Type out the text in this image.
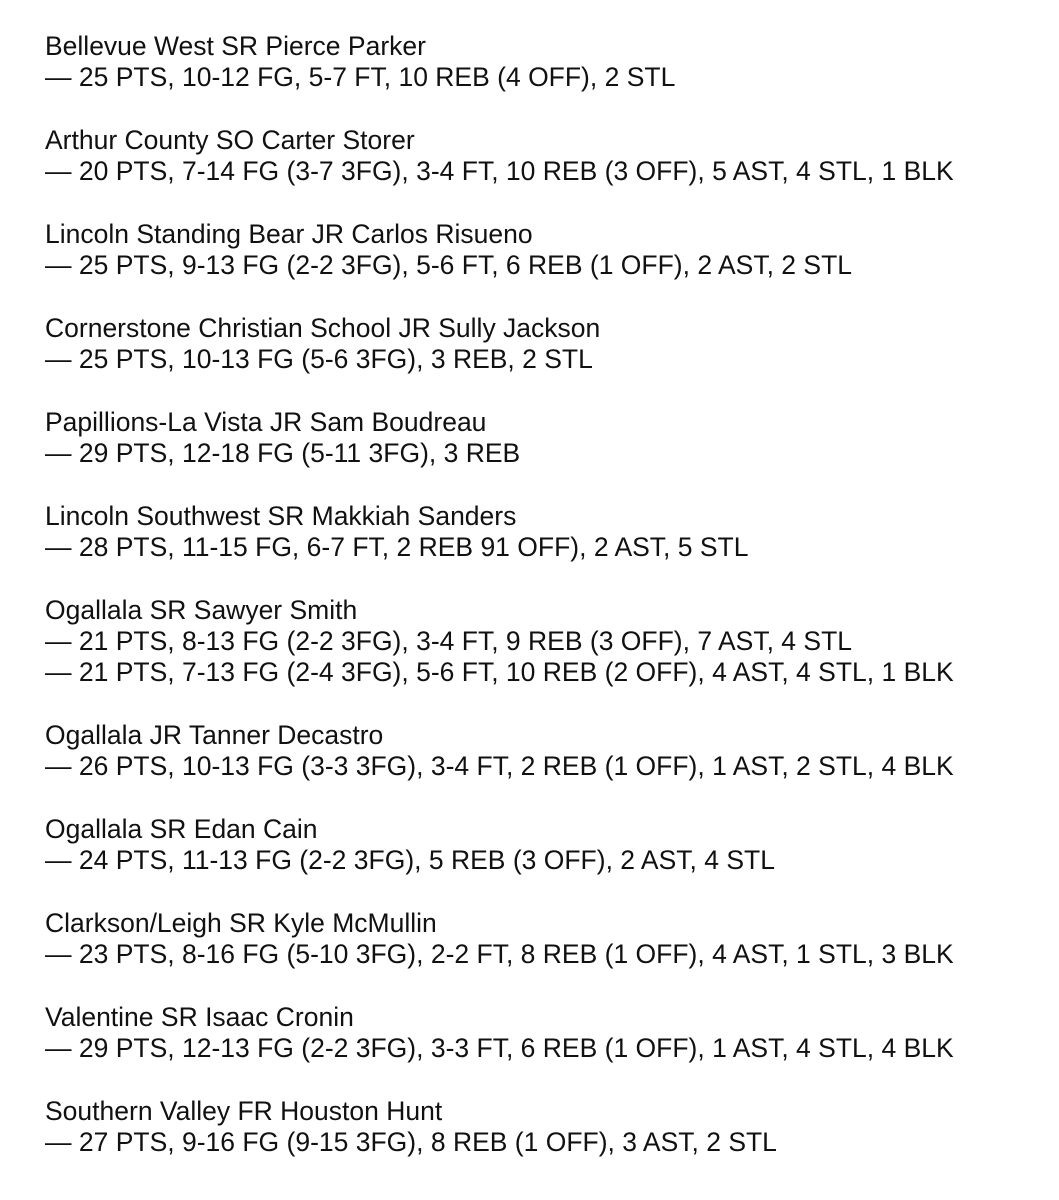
Bellevue West SR Pierce Parker
— 25 PTS, 10-12 FG, 5-7 FT, 10 REB (4 OFF), 2 STL
Arthur County SO Carter Storer
— 20 PTS, 7-14 FG (3-7 3FG), 3-4 FT, 10 REB (3 OFF), 5 AST, 4 STL, 1 BLK
Lincoln Standing Bear JR Carlos Risueno
— 25 PTS, 9-13 FG (2-2 3FG), 5-6 FT, 6 REB (1 OFF), 2 AST, 2 STL
Cornerstone Christian School JR Sully Jackson
— 25 PTS, 10-13 FG (5-6 3FG), 3 REB, 2 STL
Papillions-La Vista JR Sam Boudreau
— 29 PTS, 12-18 FG (5-11 3FG), 3 REB
Lincoln Southwest SR Makkiah Sanders
— 28 PTS, 11-15 FG, 6-7 FT, 2 REB 91 OFF), 2 AST, 5 STL
Ogallala SR Sawyer Smith
— 21 PTS, 8-13 FG (2-2 3FG), 3-4 FT, 9 REB (3 OFF), 7 AST, 4 STL
— 21 PTS, 7-13 FG (2-4 3FG), 5-6 FT, 10 REB (2 OFF), 4 AST, 4 STL, 1 BLK
Ogallala JR Tanner Decastro
— 26 PTS, 10-13 FG (3-3 3FG), 3-4 FT, 2 REB (1 OFF), 1 AST, 2 STL, 4 BLK
Ogallala SR Edan Cain
— 24 PTS, 11-13 FG (2-2 3FG), 5 REB (3 OFF), 2 AST, 4 STL
Clarkson/Leigh SR Kyle McMullin
— 23 PTS, 8-16 FG (5-10 3FG), 2-2 FT, 8 REB (1 OFF), 4 AST, 1 STL, 3 BLK
Valentine SR Isaac Cronin
— 29 PTS, 12-13 FG (2-2 3FG), 3-3 FT, 6 REB (1 OFF), 1 AST, 4 STL, 4 BLK
Southern Valley FR Houston Hunt
— 27 PTS, 9-16 FG (9-15 3FG), 8 REB (1 OFF), 3 AST, 2 STL
